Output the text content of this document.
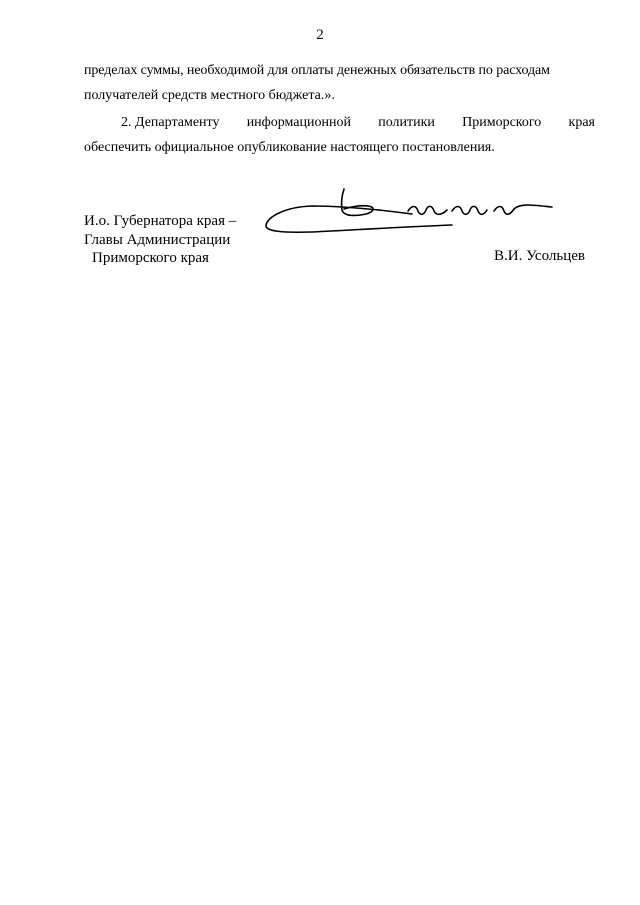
2
пределах суммы, необходимой для оплаты денежных обязательств по расходам
получателей средств местного бюджета.».
2. Департаменту информационной политики Приморского края
обеспечить официальное опубликование настоящего постановления.
И.о. Губернатора края –
Главы Администрации
Приморского края	В.И. Усольцев
